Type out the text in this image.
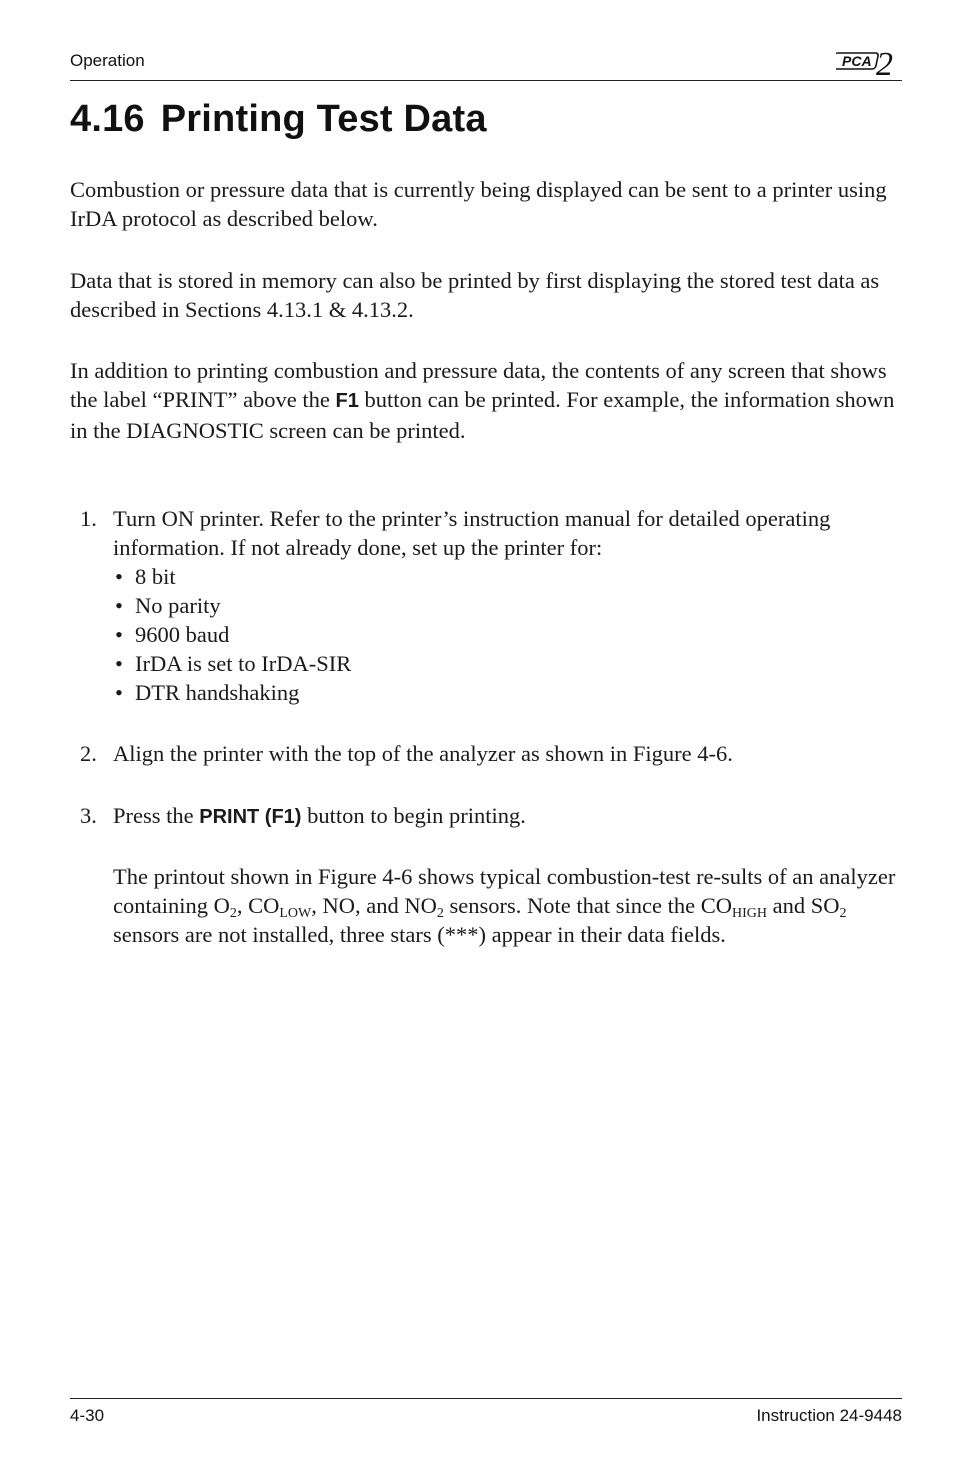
Operation	PCA 2
4.16 Printing Test Data

Combustion or pressure data that is currently being displayed can be sent to a printer using IrDA protocol as described below.

Data that is stored in memory can also be printed by first displaying the stored test data as described in Sections 4.13.1 & 4.13.2.

In addition to printing combustion and pressure data, the contents of any screen that shows the label “PRINT” above the F1 button can be printed. For example, the information shown in the DIAGNOSTIC screen can be printed.

1. Turn ON printer. Refer to the printer’s instruction manual for detailed operating information. If not already done, set up the printer for:
• 8 bit
• No parity
• 9600 baud
• IrDA is set to IrDA-SIR
• DTR handshaking
2. Align the printer with the top of the analyzer as shown in Figure 4-6.
3. Press the PRINT (F1) button to begin printing.
The printout shown in Figure 4-6 shows typical combustion-test re-sults of an analyzer containing $O_2$, $CO_{LOW}$, NO, and $NO_2$ sensors. Note that since the $CO_{HIGH}$ and $SO_2$ sensors are not installed, three stars (***) appear in their data fields.
4-30	Instruction 24-9448
